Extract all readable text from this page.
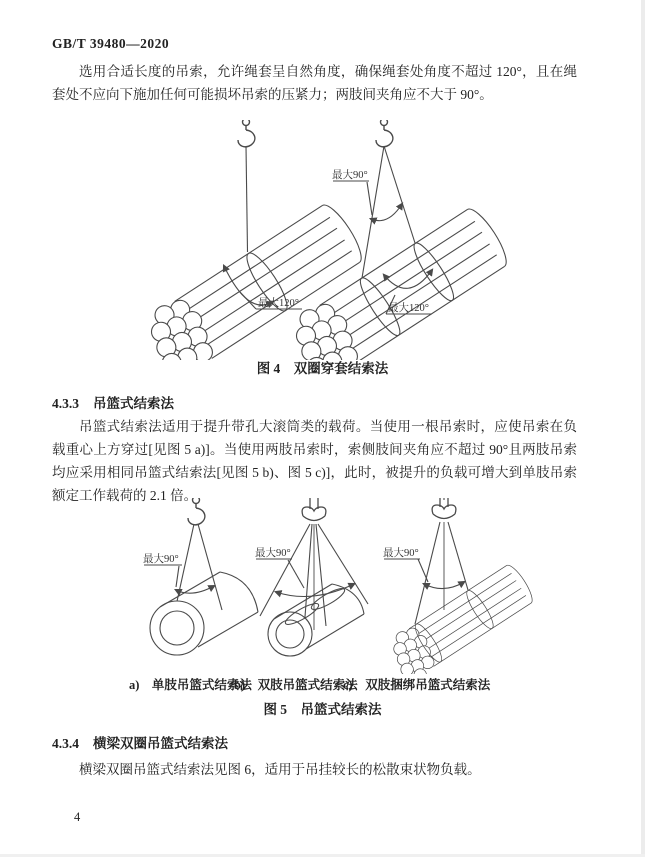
GB/T 39480—2020

选用合适长度的吊索，允许绳套呈自然角度，确保绳套处角度不超过 120°，且在绳套处不应向下施加任何可能损坏吊索的压紧力；两肢间夹角应不大于 90°。

最大120°
最大90°
最大120°
图 4　双圈穿套结索法
4.3.3 吊篮式结索法

吊篮式结索法适用于提升带孔大滚筒类的载荷。当使用一根吊索时，应使吊索在负载重心上方穿过[见图 5 a)]。当使用两肢吊索时，索侧肢间夹角应不超过 90°且两肢吊索均应采用相同吊篮式结索法[见图 5 b)、图 5 c)]，此时，被提升的负载可增大到单肢吊索额定工作载荷的 2.1 倍。

最大90°
最大90°	最大90°
a)　单肢吊篮式结索法
b)　双肢吊篮式结索法
c)　双肢捆绑吊篮式结索法
图 5　吊篮式结索法
4.3.4 横梁双圈吊篮式结索法

横梁双圈吊篮式结索法见图 6，适用于吊挂较长的松散束状物负载。

4
